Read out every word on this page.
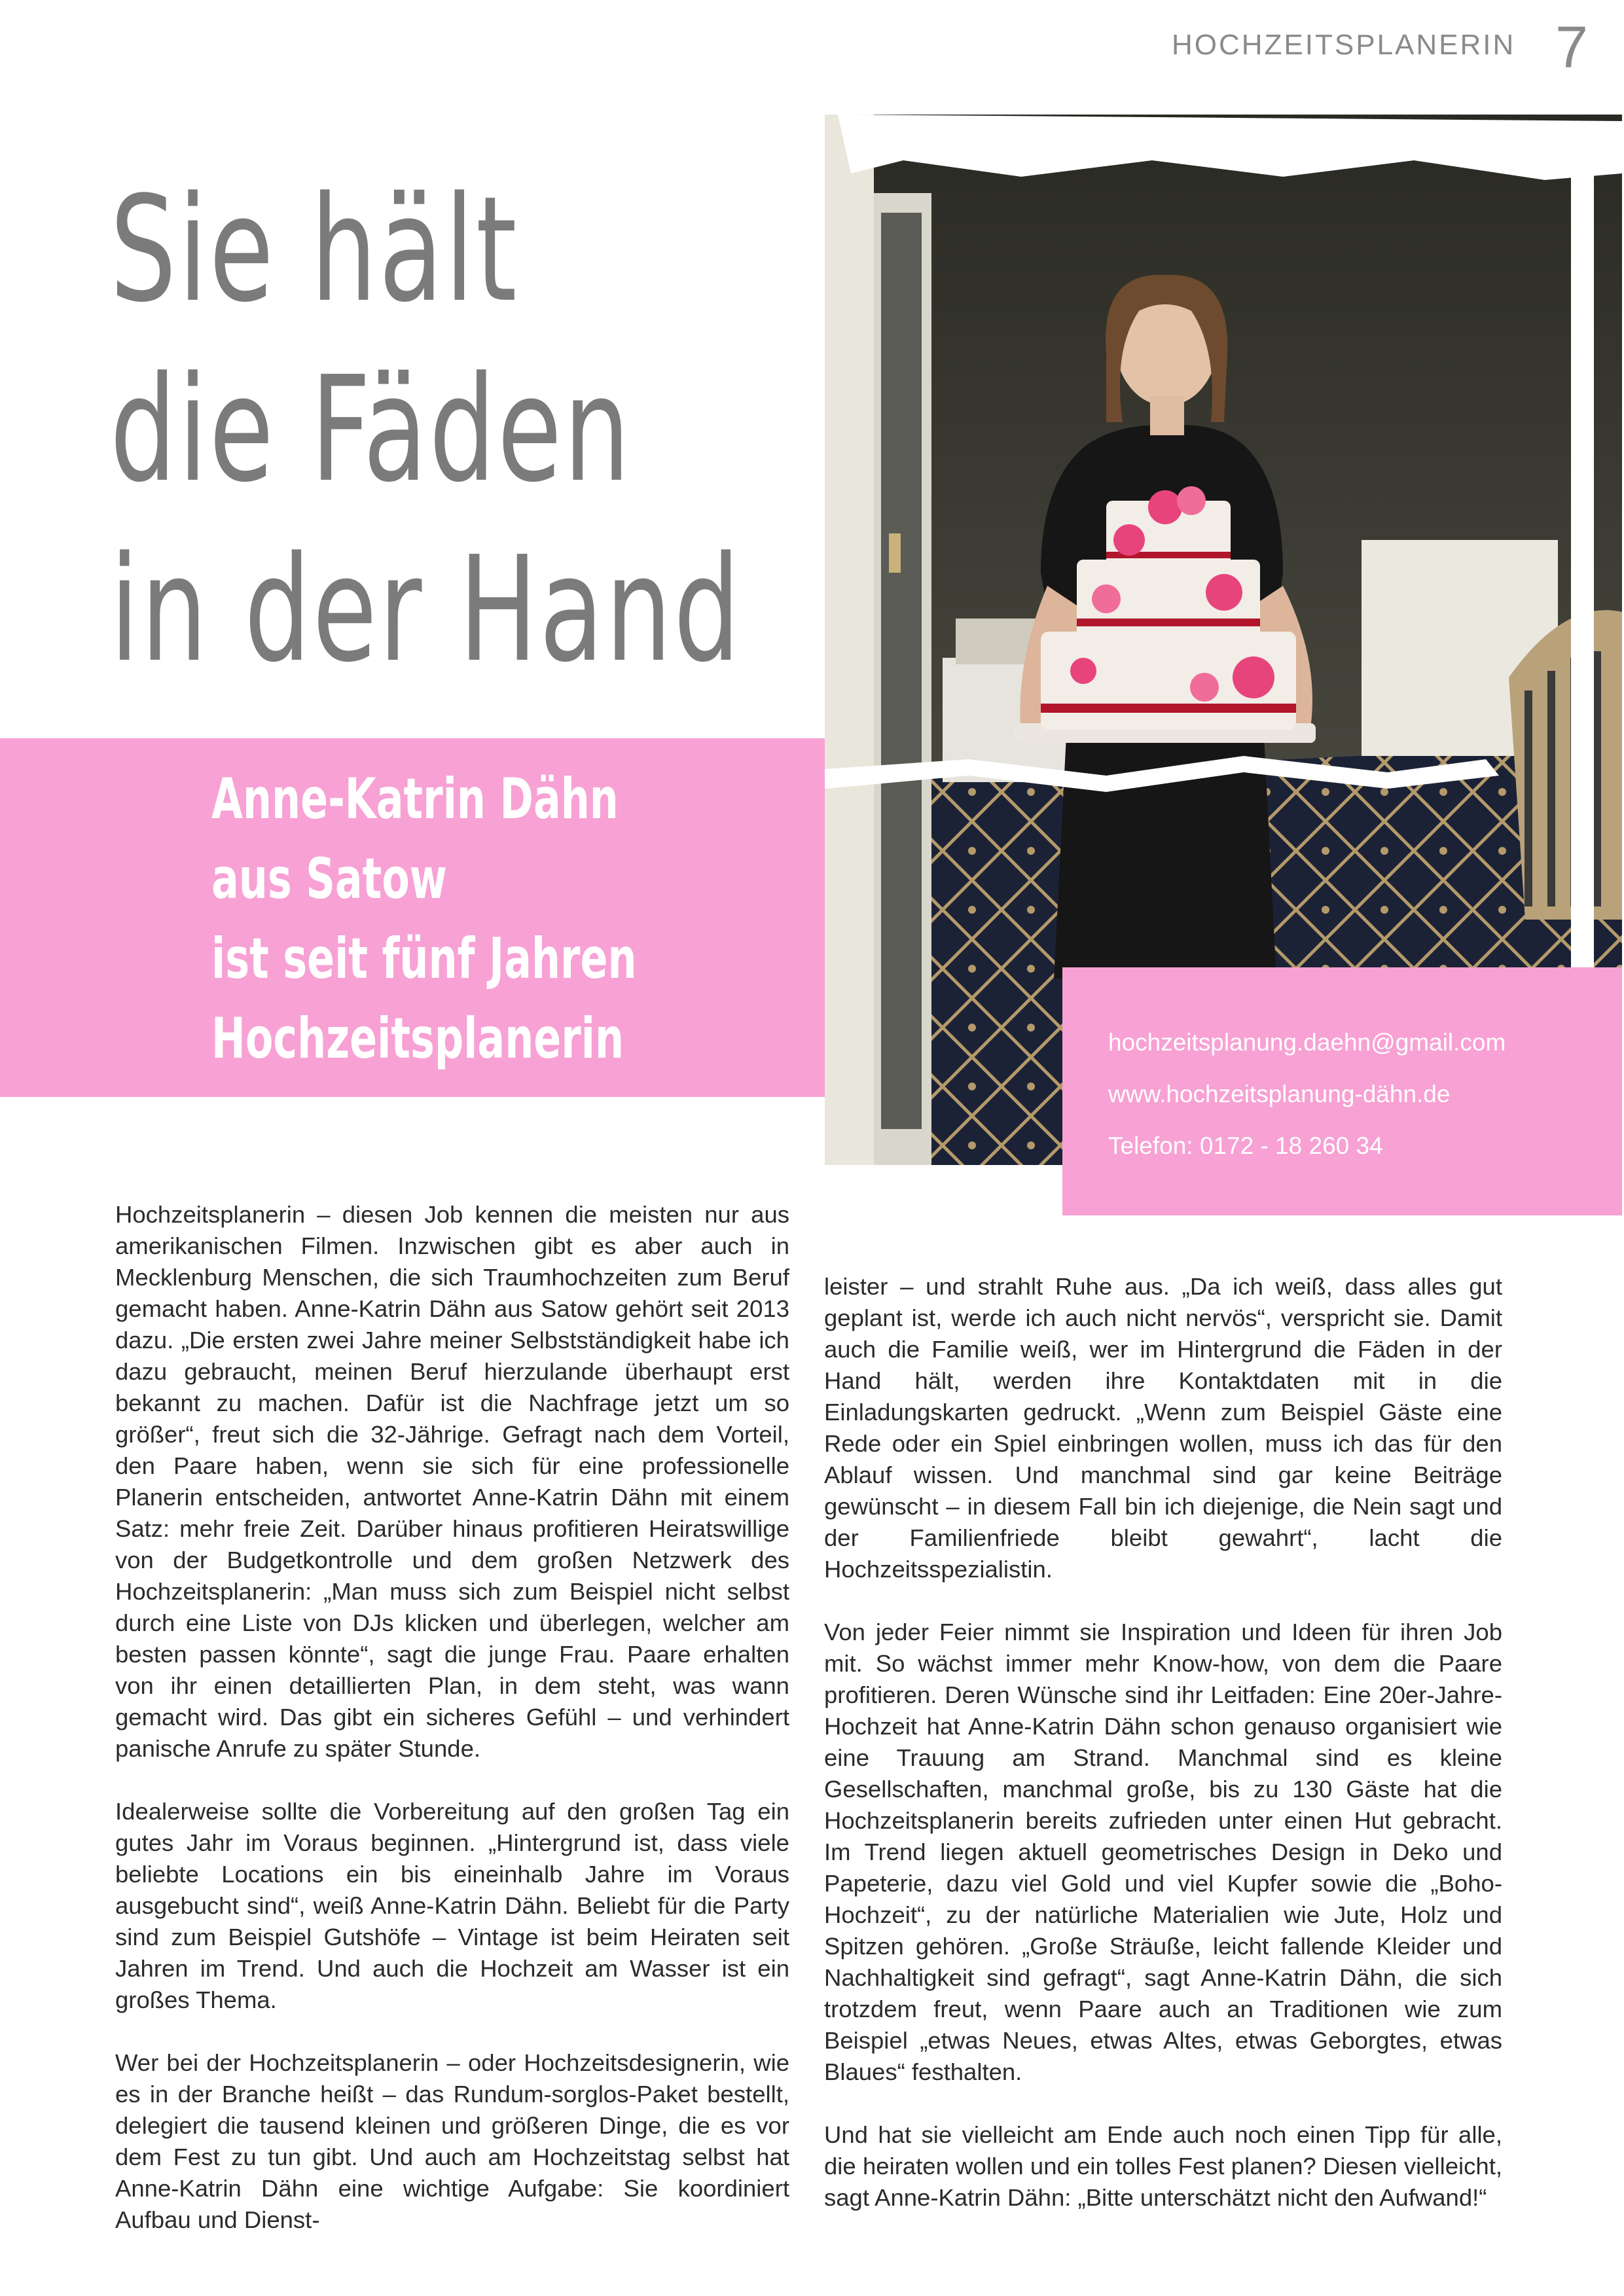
HOCHZEITSPLANERIN 7
Sie hält
die Fäden
in der Hand
Anne-Katrin Dähn
aus Satow
ist seit fünf Jahren
Hochzeitsplanerin	hochzeitsplanung.daehn@gmail.com
www.hochzeitsplanung-dähn.de
Telefon: 0172 - 18 260 34

Hochzeitsplanerin – diesen Job kennen die meisten nur aus amerikanischen Filmen. Inzwischen gibt es aber auch in Mecklenburg Menschen, die sich Traumhochzeiten zum Beruf gemacht haben. Anne-Katrin Dähn aus Satow gehört seit 2013 dazu. „Die ersten zwei Jahre meiner Selbstständigkeit habe ich dazu gebraucht, meinen Beruf hierzulande überhaupt erst bekannt zu machen. Dafür ist die Nachfrage jetzt um so größer“, freut sich die 32-Jährige. Gefragt nach dem Vorteil, den Paare haben, wenn sie sich für eine professionelle Planerin entscheiden, antwortet Anne-Katrin Dähn mit einem Satz: mehr freie Zeit. Darüber hinaus profitieren Heiratswillige von der Budgetkontrolle und dem großen Netzwerk des Hochzeitsplanerin: „Man muss sich zum Beispiel nicht selbst durch eine Liste von DJs klicken und überlegen, welcher am besten passen könnte“, sagt die junge Frau. Paare erhalten von ihr einen detaillierten Plan, in dem steht, was wann gemacht wird. Das gibt ein sicheres Gefühl – und verhindert panische Anrufe zu später Stunde.

Idealerweise sollte die Vorbereitung auf den großen Tag ein gutes Jahr im Voraus beginnen. „Hintergrund ist, dass viele beliebte Locations ein bis eineinhalb Jahre im Voraus ausgebucht sind“, weiß Anne-Katrin Dähn. Beliebt für die Party sind zum Beispiel Gutshöfe – Vintage ist beim Heiraten seit Jahren im Trend. Und auch die Hochzeit am Wasser ist ein großes Thema.

Wer bei der Hochzeitsplanerin – oder Hochzeitsdesignerin, wie es in der Branche heißt – das Rundum-sorglos-Paket bestellt, delegiert die tausend kleinen und größeren Dinge, die es vor dem Fest zu tun gibt. Und auch am Hochzeitstag selbst hat Anne-Katrin Dähn eine wichtige Aufgabe: Sie koordiniert Aufbau und Dienst-

leister – und strahlt Ruhe aus. „Da ich weiß, dass alles gut geplant ist, werde ich auch nicht nervös“, verspricht sie. Damit auch die Familie weiß, wer im Hintergrund die Fäden in der Hand hält, werden ihre Kontaktdaten mit in die Einladungskarten gedruckt. „Wenn zum Beispiel Gäste eine Rede oder ein Spiel einbringen wollen, muss ich das für den Ablauf wissen. Und manchmal sind gar keine Beiträge gewünscht – in diesem Fall bin ich diejenige, die Nein sagt und der Familienfriede bleibt gewahrt“, lacht die Hochzeitsspezialistin.

Von jeder Feier nimmt sie Inspiration und Ideen für ihren Job mit. So wächst immer mehr Know-how, von dem die Paare profitieren. Deren Wünsche sind ihr Leitfaden: Eine 20er-Jahre-Hochzeit hat Anne-Katrin Dähn schon genauso organisiert wie eine Trauung am Strand. Manchmal sind es kleine Gesellschaften, manchmal große, bis zu 130 Gäste hat die Hochzeitsplanerin bereits zufrieden unter einen Hut gebracht. Im Trend liegen aktuell geometrisches Design in Deko und Papeterie, dazu viel Gold und viel Kupfer sowie die „Boho-Hochzeit“, zu der natürliche Materialien wie Jute, Holz und Spitzen gehören. „Große Sträuße, leicht fallende Kleider und Nachhaltigkeit sind gefragt“, sagt Anne-Katrin Dähn, die sich trotzdem freut, wenn Paare auch an Traditionen wie zum Beispiel „etwas Neues, etwas Altes, etwas Geborgtes, etwas Blaues“ festhalten.

Und hat sie vielleicht am Ende auch noch einen Tipp für alle, die heiraten wollen und ein tolles Fest planen? Diesen vielleicht, sagt Anne-Katrin Dähn: „Bitte unterschätzt nicht den Aufwand!“
